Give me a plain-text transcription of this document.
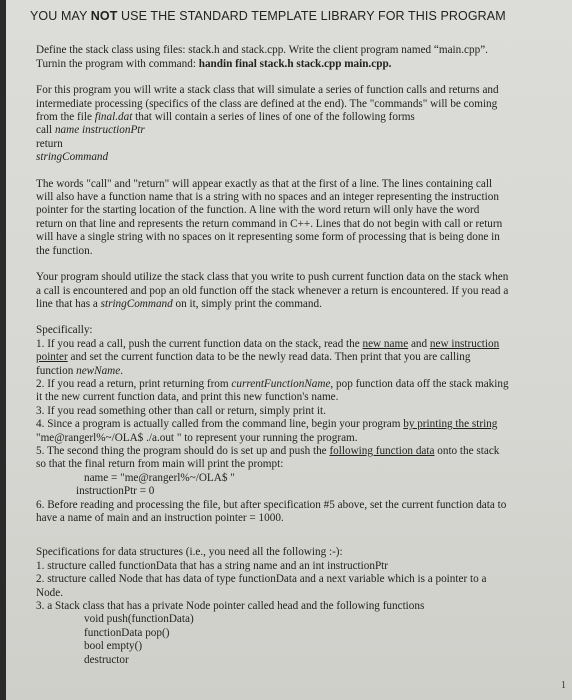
YOU MAY NOT USE THE STANDARD TEMPLATE LIBRARY FOR THIS PROGRAM

Define the stack class using files: stack.h and stack.cpp. Write the client program named “main.cpp”.
Turnin the program with command: handin final stack.h stack.cpp main.cpp.

For this program you will write a stack class that will simulate a series of function calls and returns and
intermediate processing (specifics of the class are defined at the end). The "commands" will be coming
from the file final.dat that will contain a series of lines of one of the following forms
call name instructionPtr
return
stringCommand

The words "call" and "return" will appear exactly as that at the first of a line. The lines containing call
will also have a function name that is a string with no spaces and an integer representing the instruction
pointer for the starting location of the function. A line with the word return will only have the word
return on that line and represents the return command in C++. Lines that do not begin with call or return
will have a single string with no spaces on it representing some form of processing that is being done in
the function.

Your program should utilize the stack class that you write to push current function data on the stack when
a call is encountered and pop an old function off the stack whenever a return is encountered. If you read a
line that has a stringCommand on it, simply print the command.

Specifically:
1. If you read a call, push the current function data on the stack, read the new name and new instruction
pointer and set the current function data to be the newly read data. Then print that you are calling
function newName.
2. If you read a return, print returning from currentFunctionName, pop function data off the stack making
it the new current function data, and print this new function's name.
3. If you read something other than call or return, simply print it.
4. Since a program is actually called from the command line, begin your program by printing the string
"me@rangerl%~/OLA$ ./a.out " to represent your running the program.
5. The second thing the program should do is set up and push the following function data onto the stack
so that the final return from main will print the prompt:
name = "me@rangerl%~/OLA$ "
instructionPtr = 0
6. Before reading and processing the file, but after specification #5 above, set the current function data to
have a name of main and an instruction pointer = 1000.

Specifications for data structures (i.e., you need all the following :-):
1. structure called functionData that has a string name and an int instructionPtr
2. structure called Node that has data of type functionData and a next variable which is a pointer to a
Node.
3. a Stack class that has a private Node pointer called head and the following functions
void push(functionData)
functionData pop()
bool empty()
destructor

1
